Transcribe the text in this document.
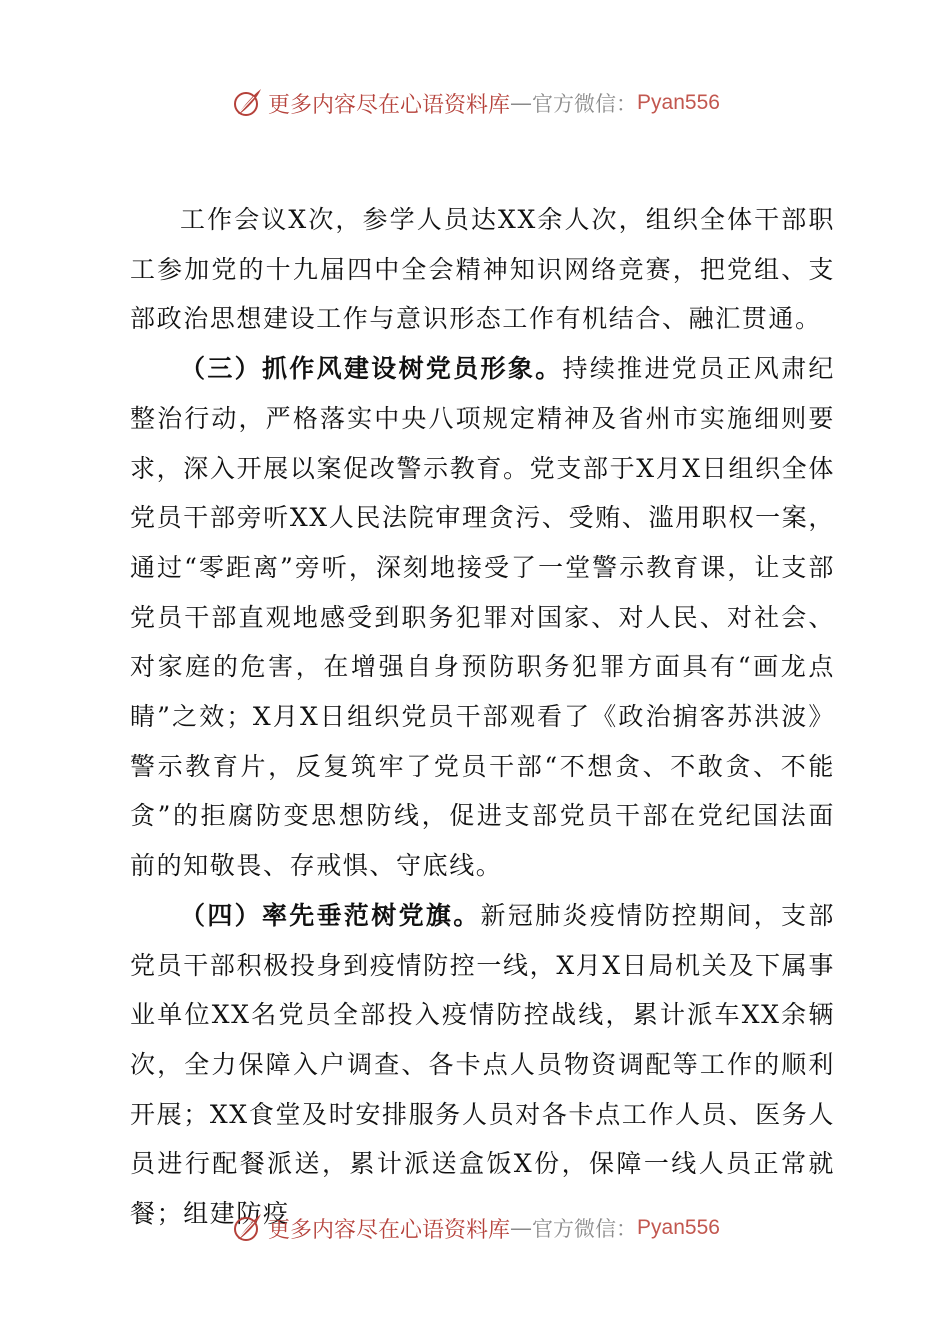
更多内容尽在心语资料库 — 官方微信： Pyan556

工作会议X次，参学人员达XX余人次，组织全体干部职工参加党的十九届四中全会精神知识网络竞赛，把党组、支部政治思想建设工作与意识形态工作有机结合、融汇贯通。

（三）抓作风建设树党员形象。持续推进党员正风肃纪整治行动，严格落实中央八项规定精神及省州市实施细则要求，深入开展以案促改警示教育。党支部于X月X日组织全体党员干部旁听XX人民法院审理贪污、受贿、滥用职权一案，通过“零距离”旁听，深刻地接受了一堂警示教育课，让支部党员干部直观地感受到职务犯罪对国家、对人民、对社会、对家庭的危害，在增强自身预防职务犯罪方面具有“画龙点睛”之效；X月X日组织党员干部观看了《政治掮客苏洪波》警示教育片，反复筑牢了党员干部“不想贪、不敢贪、不能贪”的拒腐防变思想防线，促进支部党员干部在党纪国法面前的知敬畏、存戒惧、守底线。

（四）率先垂范树党旗。新冠肺炎疫情防控期间，支部党员干部积极投身到疫情防控一线，X月X日局机关及下属事业单位XX名党员全部投入疫情防控战线，累计派车XX余辆次，全力保障入户调查、各卡点人员物资调配等工作的顺利开展；XX食堂及时安排服务人员对各卡点工作人员、医务人员进行配餐派送，累计派送盒饭X份，保障一线人员正常就餐；组建防疫

更多内容尽在心语资料库 — 官方微信： Pyan556
